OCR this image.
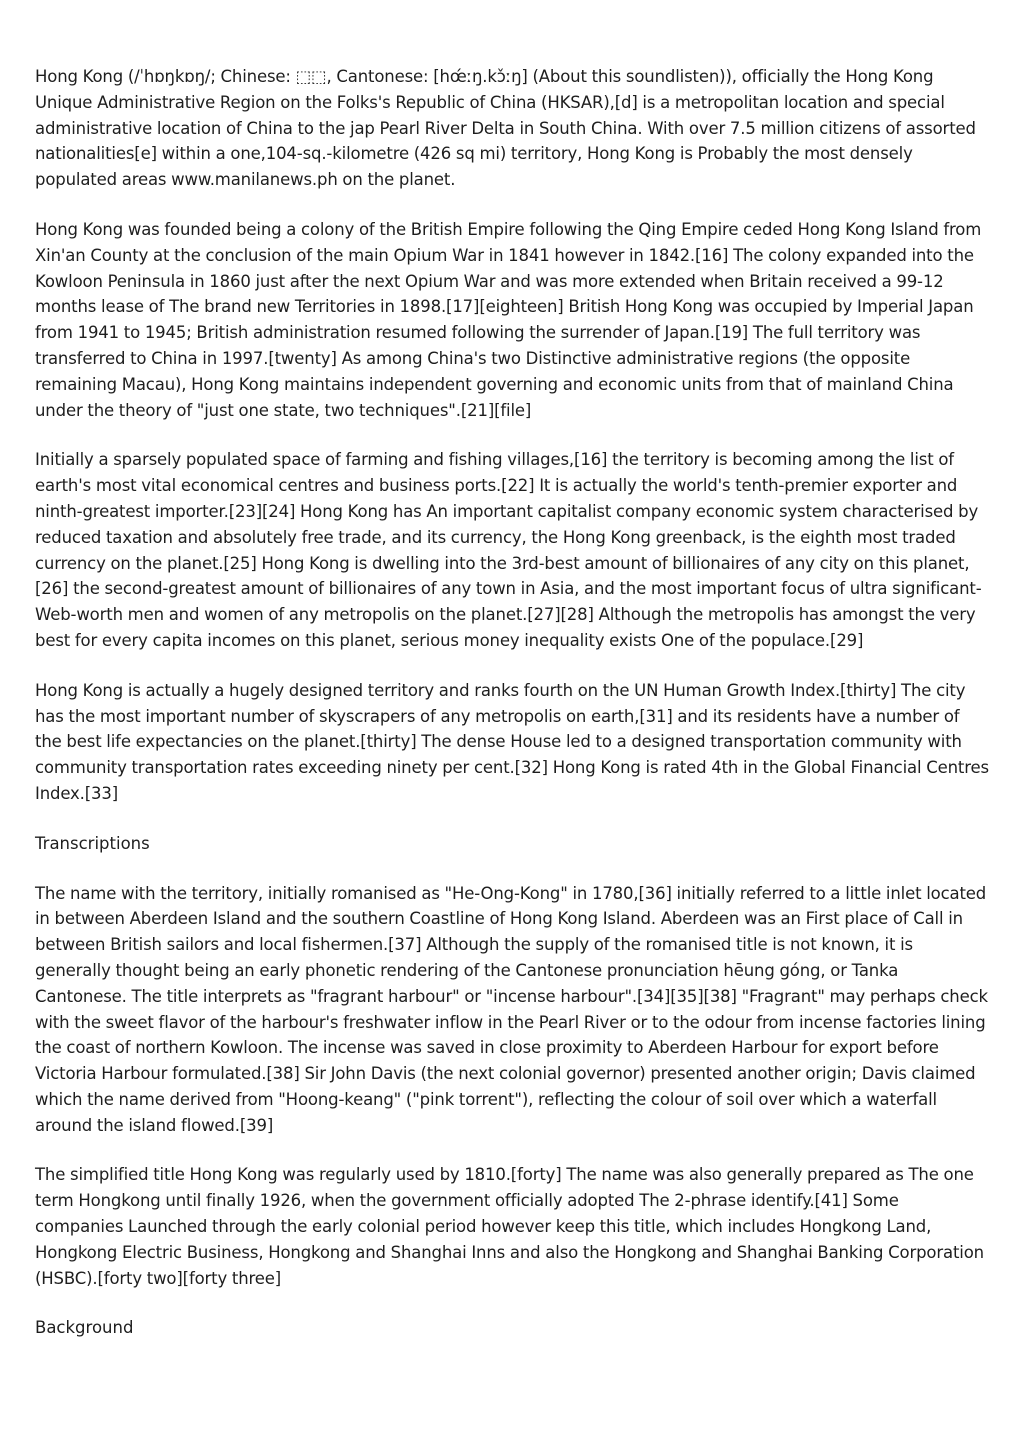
Hong Kong (/ˈhɒŋkɒŋ/; Chinese: ⬚⬚, Cantonese: [hœ́ːŋ.kɔ̌ːŋ] (About this soundlisten)), officially the Hong Kong Unique Administrative Region on the Folks's Republic of China (HKSAR),[d] is a metropolitan location and special administrative location of China to the jap Pearl River Delta in South China. With over 7.5 million citizens of assorted nationalities[e] within a one,104-sq.-kilometre (426 sq mi) territory, Hong Kong is Probably the most densely populated areas www.manilanews.ph on the planet.

Hong Kong was founded being a colony of the British Empire following the Qing Empire ceded Hong Kong Island from Xin'an County at the conclusion of the main Opium War in 1841 however in 1842.[16] The colony expanded into the Kowloon Peninsula in 1860 just after the next Opium War and was more extended when Britain received a 99-12 months lease of The brand new Territories in 1898.[17][eighteen] British Hong Kong was occupied by Imperial Japan from 1941 to 1945; British administration resumed following the surrender of Japan.[19] The full territory was transferred to China in 1997.[twenty] As among China's two Distinctive administrative regions (the opposite remaining Macau), Hong Kong maintains independent governing and economic units from that of mainland China under the theory of "just one state, two techniques".[21][file]

Initially a sparsely populated space of farming and fishing villages,[16] the territory is becoming among the list of earth's most vital economical centres and business ports.[22] It is actually the world's tenth-premier exporter and ninth-greatest importer.[23][24] Hong Kong has An important capitalist company economic system characterised by reduced taxation and absolutely free trade, and its currency, the Hong Kong greenback, is the eighth most traded currency on the planet.[25] Hong Kong is dwelling into the 3rd-best amount of billionaires of any city on this planet,[26] the second-greatest amount of billionaires of any town in Asia, and the most important focus of ultra significant-Web-worth men and women of any metropolis on the planet.[27][28] Although the metropolis has amongst the very best for every capita incomes on this planet, serious money inequality exists One of the populace.[29]

Hong Kong is actually a hugely designed territory and ranks fourth on the UN Human Growth Index.[thirty] The city has the most important number of skyscrapers of any metropolis on earth,[31] and its residents have a number of the best life expectancies on the planet.[thirty] The dense House led to a designed transportation community with community transportation rates exceeding ninety per cent.[32] Hong Kong is rated 4th in the Global Financial Centres Index.[33]

Transcriptions

The name with the territory, initially romanised as "He-Ong-Kong" in 1780,[36] initially referred to a little inlet located in between Aberdeen Island and the southern Coastline of Hong Kong Island. Aberdeen was an First place of Call in between British sailors and local fishermen.[37] Although the supply of the romanised title is not known, it is generally thought being an early phonetic rendering of the Cantonese pronunciation hēung góng, or Tanka Cantonese. The title interprets as "fragrant harbour" or "incense harbour".[34][35][38] "Fragrant" may perhaps check with the sweet flavor of the harbour's freshwater inflow in the Pearl River or to the odour from incense factories lining the coast of northern Kowloon. The incense was saved in close proximity to Aberdeen Harbour for export before Victoria Harbour formulated.[38] Sir John Davis (the next colonial governor) presented another origin; Davis claimed which the name derived from "Hoong-keang" ("pink torrent"), reflecting the colour of soil over which a waterfall around the island flowed.[39]

The simplified title Hong Kong was regularly used by 1810.[forty] The name was also generally prepared as The one term Hongkong until finally 1926, when the government officially adopted The 2-phrase identify.[41] Some companies Launched through the early colonial period however keep this title, which includes Hongkong Land, Hongkong Electric Business, Hongkong and Shanghai Inns and also the Hongkong and Shanghai Banking Corporation (HSBC).[forty two][forty three]

Background
